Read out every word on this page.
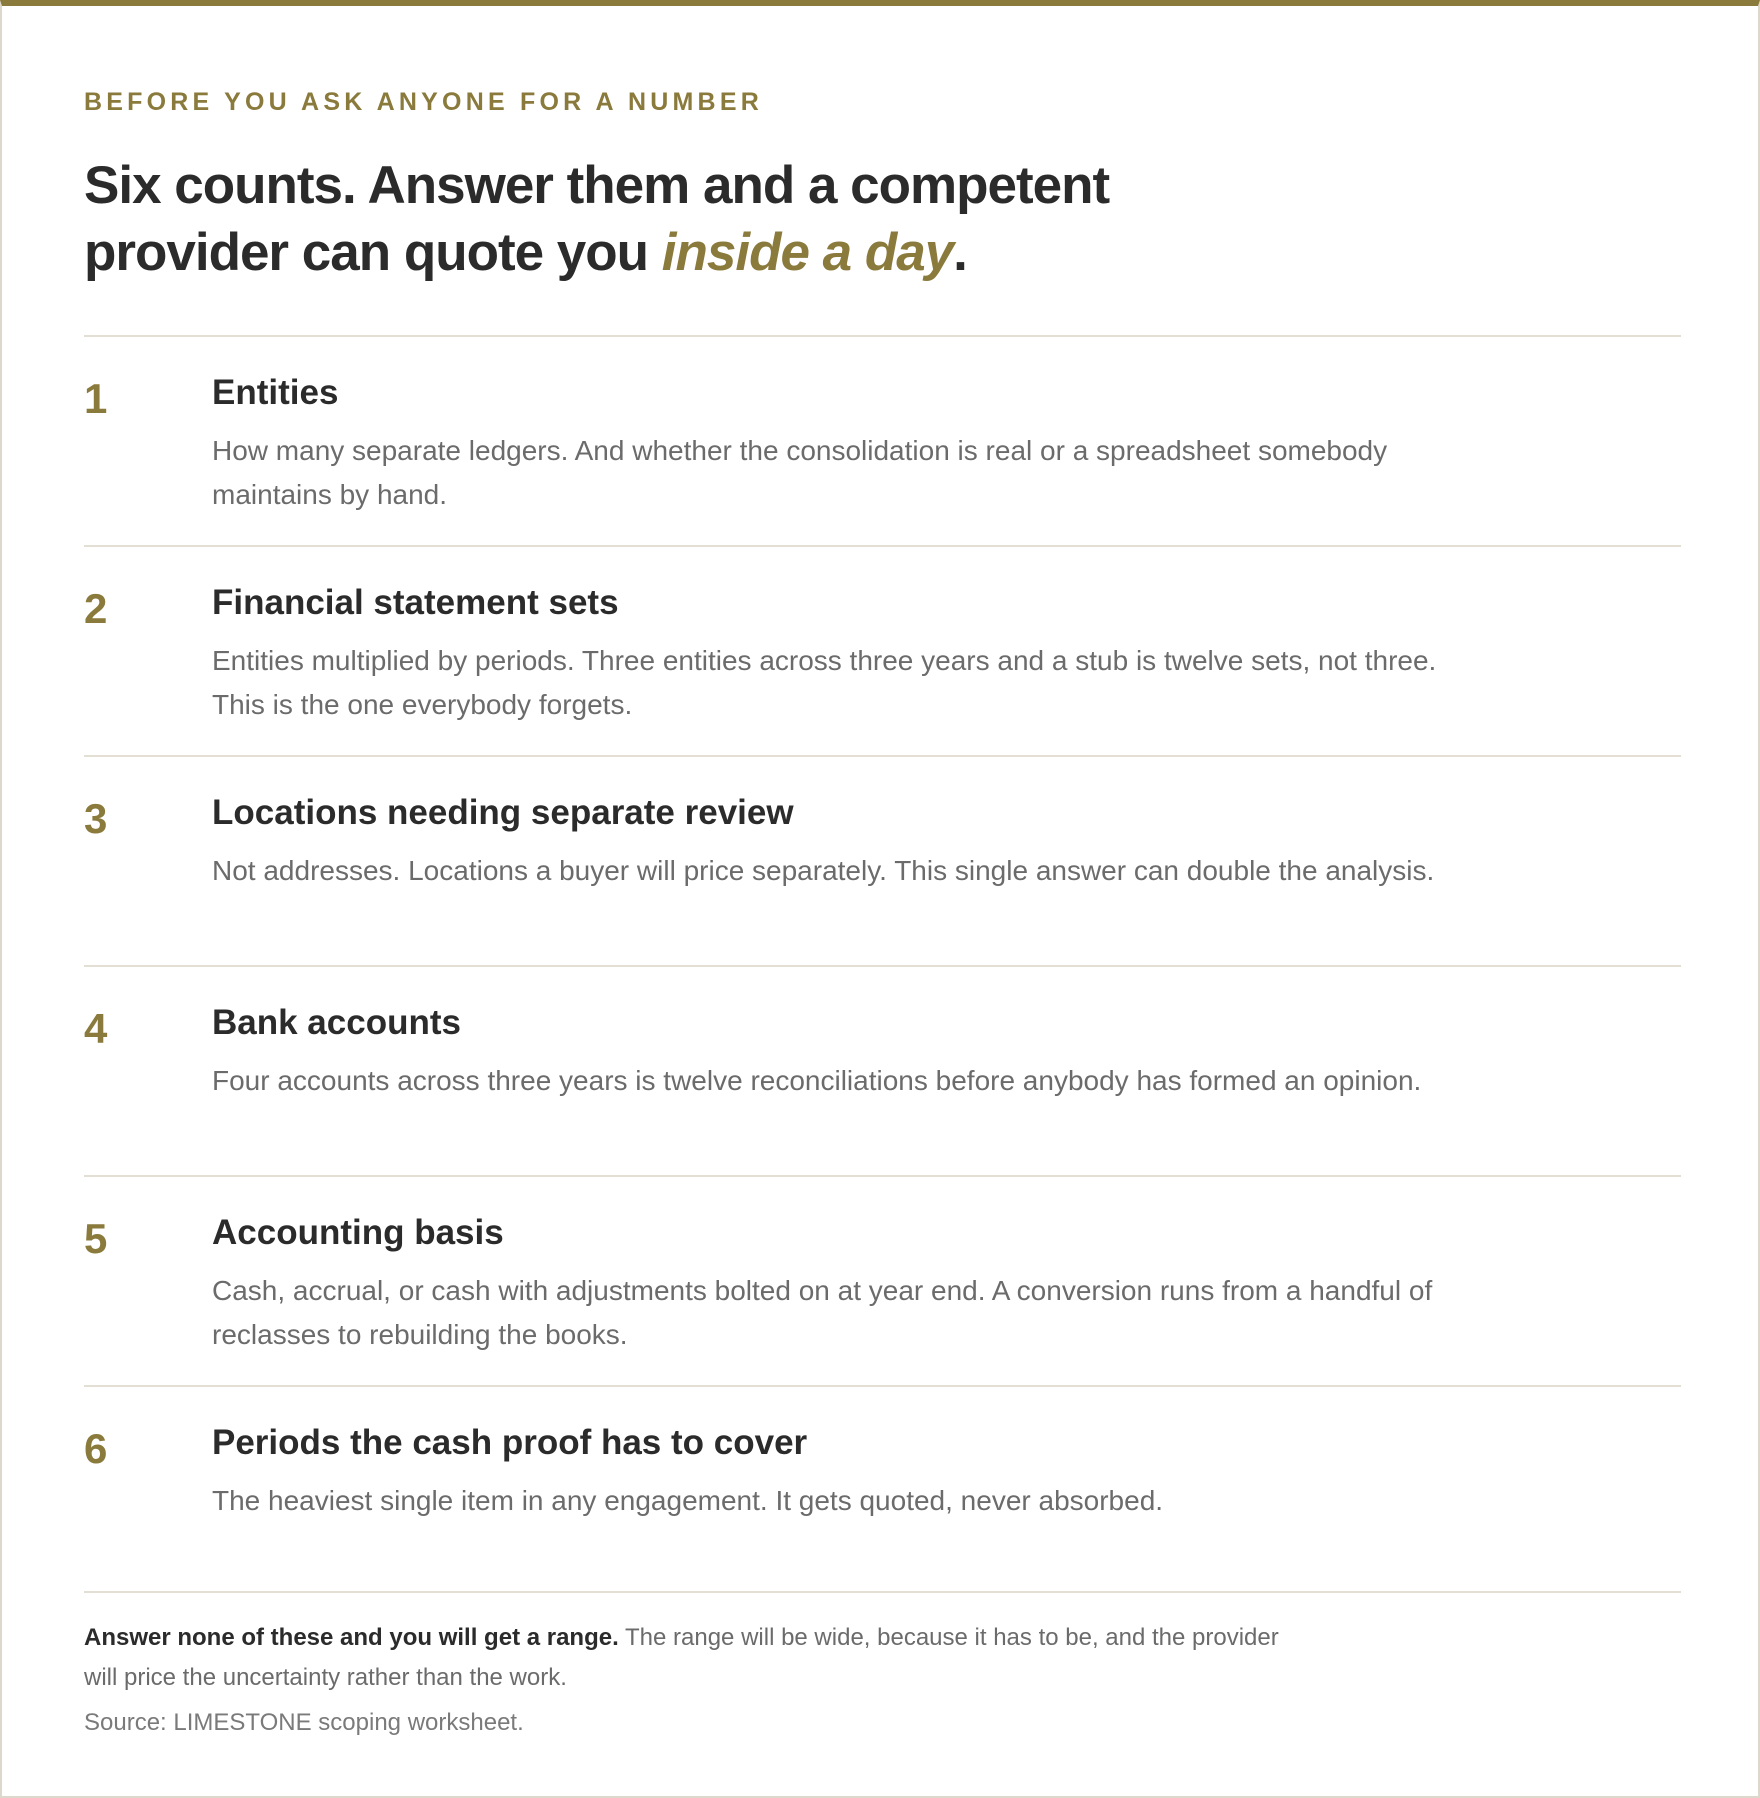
BEFORE YOU ASK ANYONE FOR A NUMBER
Six counts. Answer them and a competent provider can quote you inside a day.
1	Entities
How many separate ledgers. And whether the consolidation is real or a spreadsheet somebody maintains by hand.
2	Financial statement sets
Entities multiplied by periods. Three entities across three years and a stub is twelve sets, not three. This is the one everybody forgets.
3	Locations needing separate review
Not addresses. Locations a buyer will price separately. This single answer can double the analysis.
4	Bank accounts
Four accounts across three years is twelve reconciliations before anybody has formed an opinion.
5	Accounting basis
Cash, accrual, or cash with adjustments bolted on at year end. A conversion runs from a handful of reclasses to rebuilding the books.
6	Periods the cash proof has to cover
The heaviest single item in any engagement. It gets quoted, never absorbed.
Answer none of these and you will get a range. The range will be wide, because it has to be, and the provider will price the uncertainty rather than the work.
Source: LIMESTONE scoping worksheet.
